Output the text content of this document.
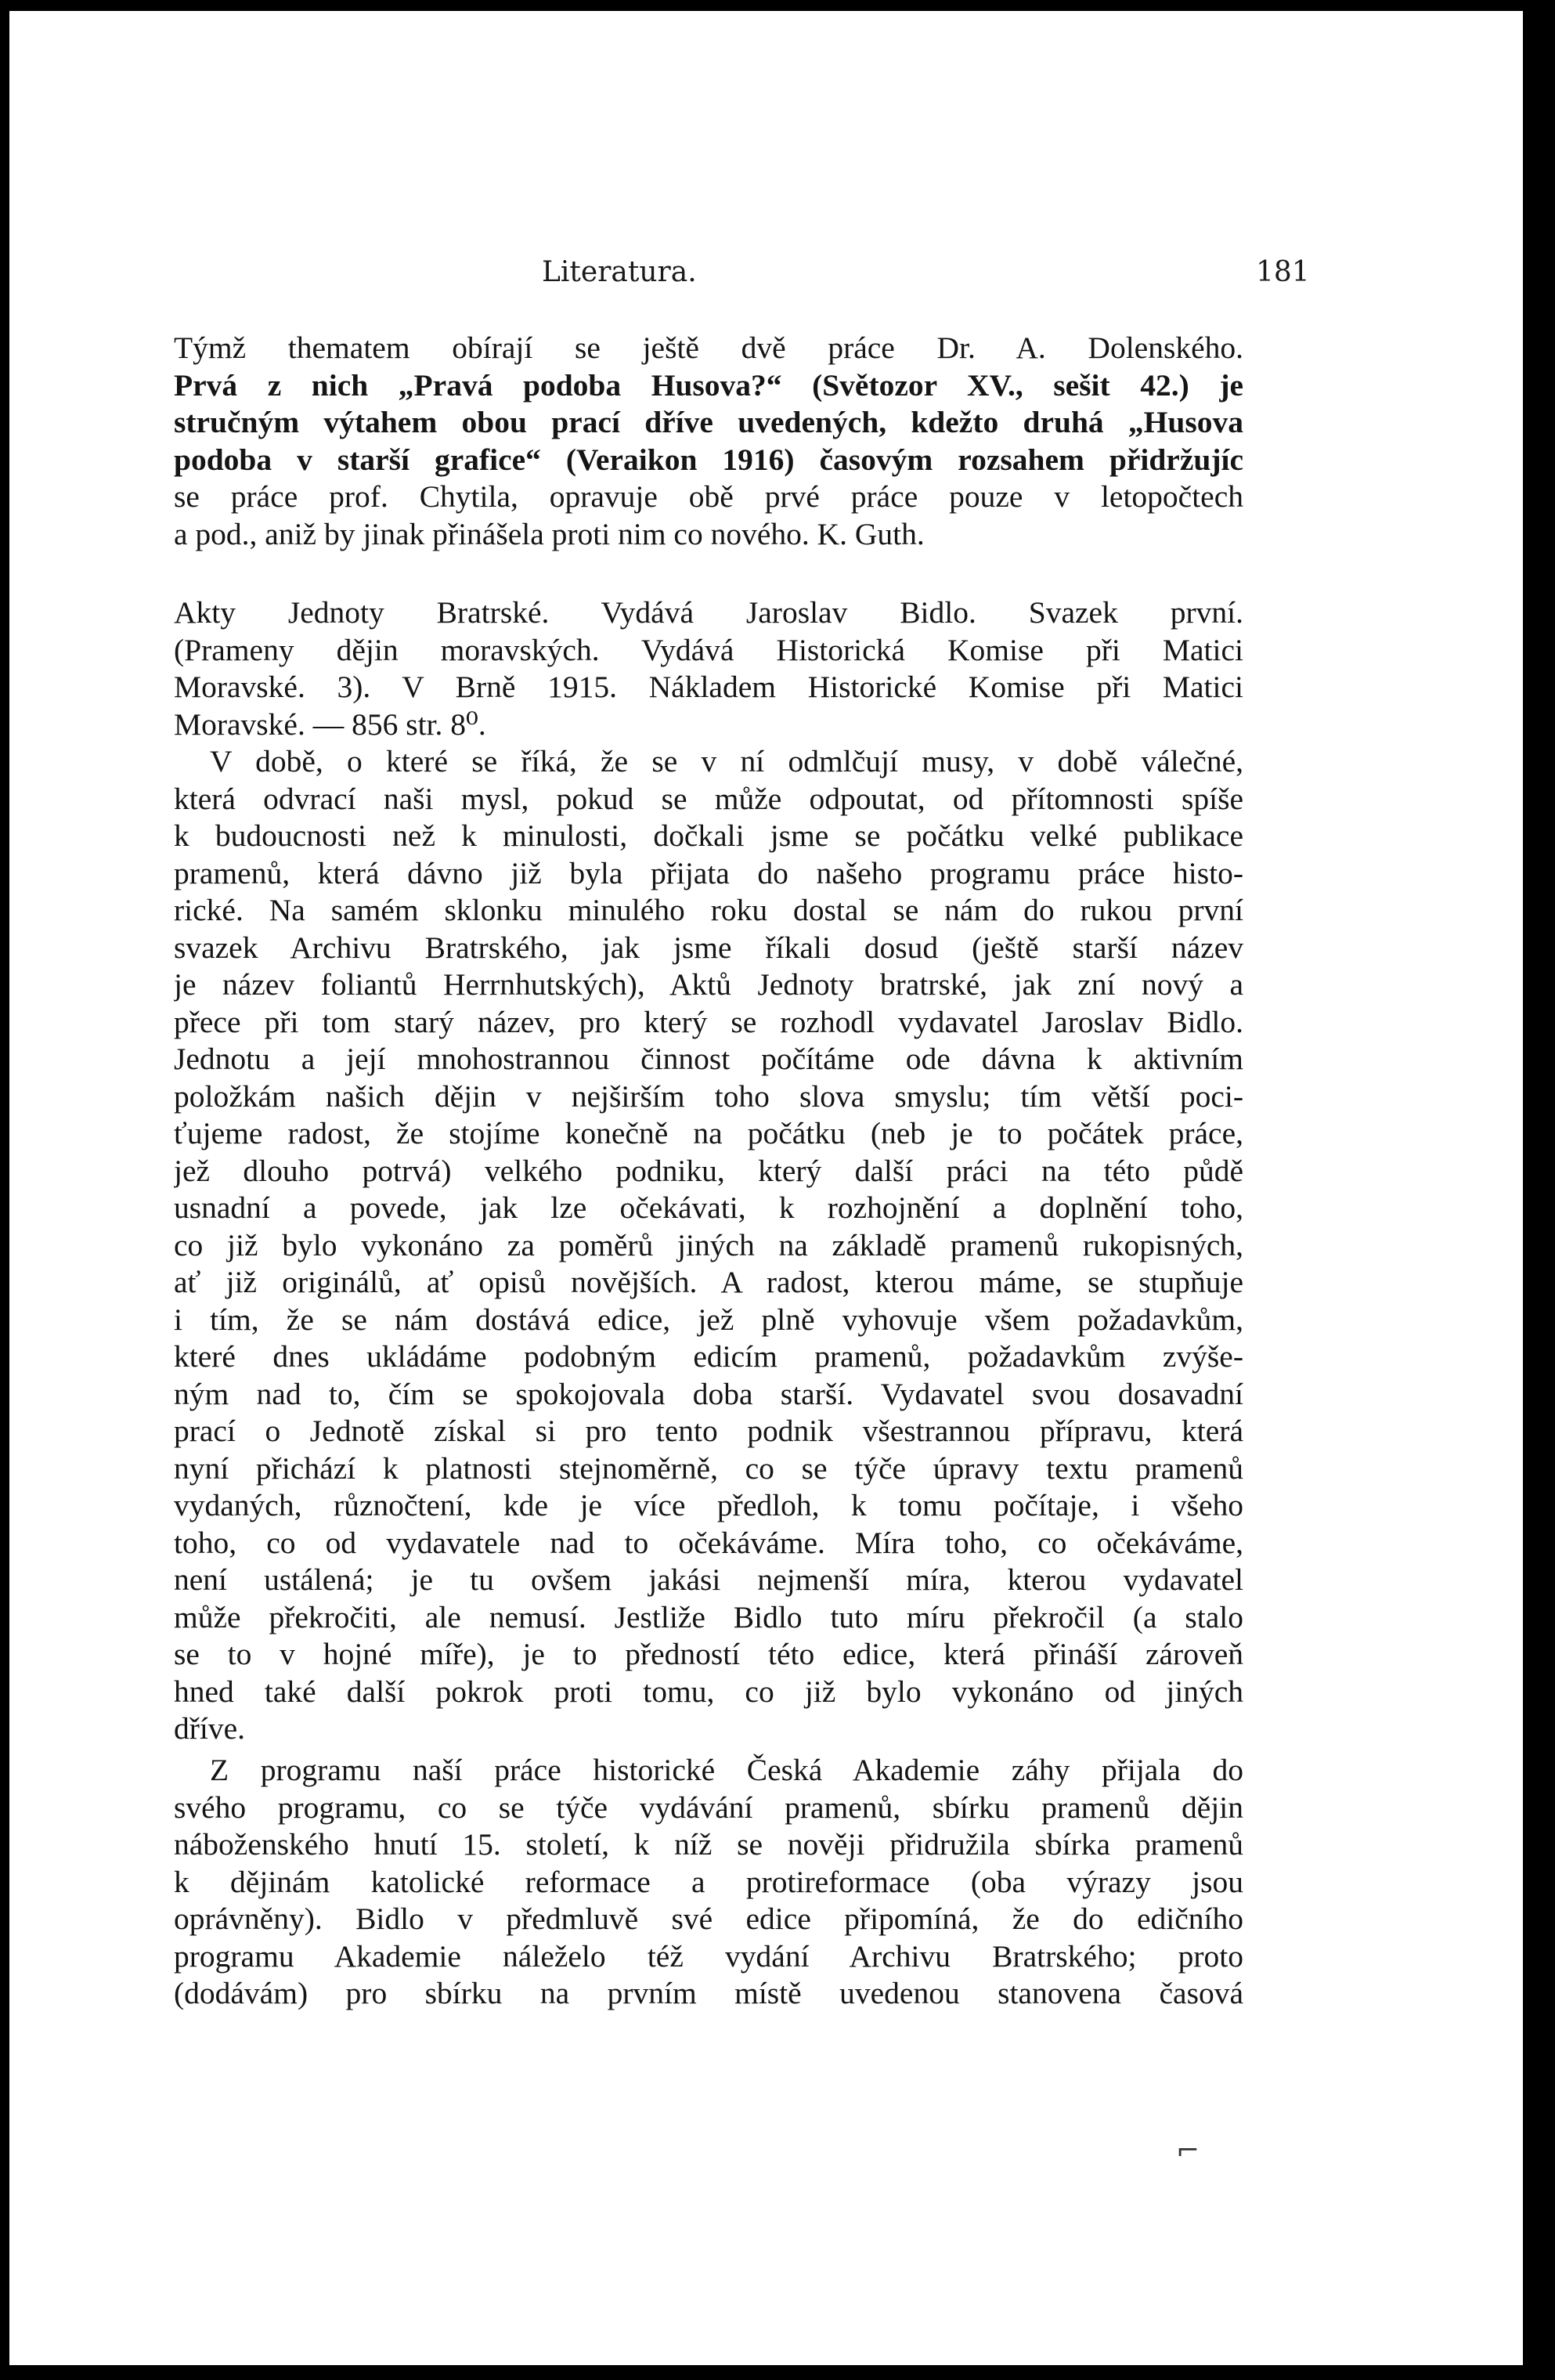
Literatura.	181
Týmž thematem obírají se ještě dvě práce Dr. A. Dolenského.
Prvá z nich „Pravá podoba Husova?“ (Světozor XV., sešit 42.) je
stručným výtahem obou prací dříve uvedených, kdežto druhá „Husova
podoba v starší grafice“ (Veraikon 1916) časovým rozsahem přidržujíc
se práce prof. Chytila, opravuje obě prvé práce pouze v letopočtech
a pod., aniž by jinak přinášela proti nim co nového. K. Guth.
Akty Jednoty Bratrské. Vydává Jaroslav Bidlo. Svazek první.
(Prameny dějin moravských. Vydává Historická Komise při Matici
Moravské. 3). V Brně 1915. Nákladem Historické Komise při Matici
Moravské. — 856 str. 8⁰.
V době, o které se říká, že se v ní odmlčují musy, v době válečné,
která odvrací naši mysl, pokud se může odpoutat, od přítomnosti spíše
k budoucnosti než k minulosti, dočkali jsme se počátku velké publikace
pramenů, která dávno již byla přijata do našeho programu práce histo-
rické. Na samém sklonku minulého roku dostal se nám do rukou první
svazek Archivu Bratrského, jak jsme říkali dosud (ještě starší název
je název foliantů Herrnhutských), Aktů Jednoty bratrské, jak zní nový a
přece při tom starý název, pro který se rozhodl vydavatel Jaroslav Bidlo.
Jednotu a její mnohostrannou činnost počítáme ode dávna k aktivním
položkám našich dějin v nejširším toho slova smyslu; tím větší poci-
ťujeme radost, že stojíme konečně na počátku (neb je to počátek práce,
jež dlouho potrvá) velkého podniku, který další práci na této půdě
usnadní a povede, jak lze očekávati, k rozhojnění a doplnění toho,
co již bylo vykonáno za poměrů jiných na základě pramenů rukopisných,
ať již originálů, ať opisů novějších. A radost, kterou máme, se stupňuje
i tím, že se nám dostává edice, jež plně vyhovuje všem požadavkům,
které dnes ukládáme podobným edicím pramenů, požadavkům zvýše-
ným nad to, čím se spokojovala doba starší. Vydavatel svou dosavadní
prací o Jednotě získal si pro tento podnik všestrannou přípravu, která
nyní přichází k platnosti stejnoměrně, co se týče úpravy textu pramenů
vydaných, různočtení, kde je více předloh, k tomu počítaje, i všeho
toho, co od vydavatele nad to očekáváme. Míra toho, co očekáváme,
není ustálená; je tu ovšem jakási nejmenší míra, kterou vydavatel
může překročiti, ale nemusí. Jestliže Bidlo tuto míru překročil (a stalo
se to v hojné míře), je to předností této edice, která přináší zároveň
hned také další pokrok proti tomu, co již bylo vykonáno od jiných
dříve.
Z programu naší práce historické Česká Akademie záhy přijala do
svého programu, co se týče vydávání pramenů, sbírku pramenů dějin
náboženského hnutí 15. století, k níž se nověji přidružila sbírka pramenů
k dějinám katolické reformace a protireformace (oba výrazy jsou
oprávněny). Bidlo v předmluvě své edice připomíná, že do edičního
programu Akademie náleželo též vydání Archivu Bratrského; proto
(dodávám) pro sbírku na prvním místě uvedenou stanovena časová
⌐
